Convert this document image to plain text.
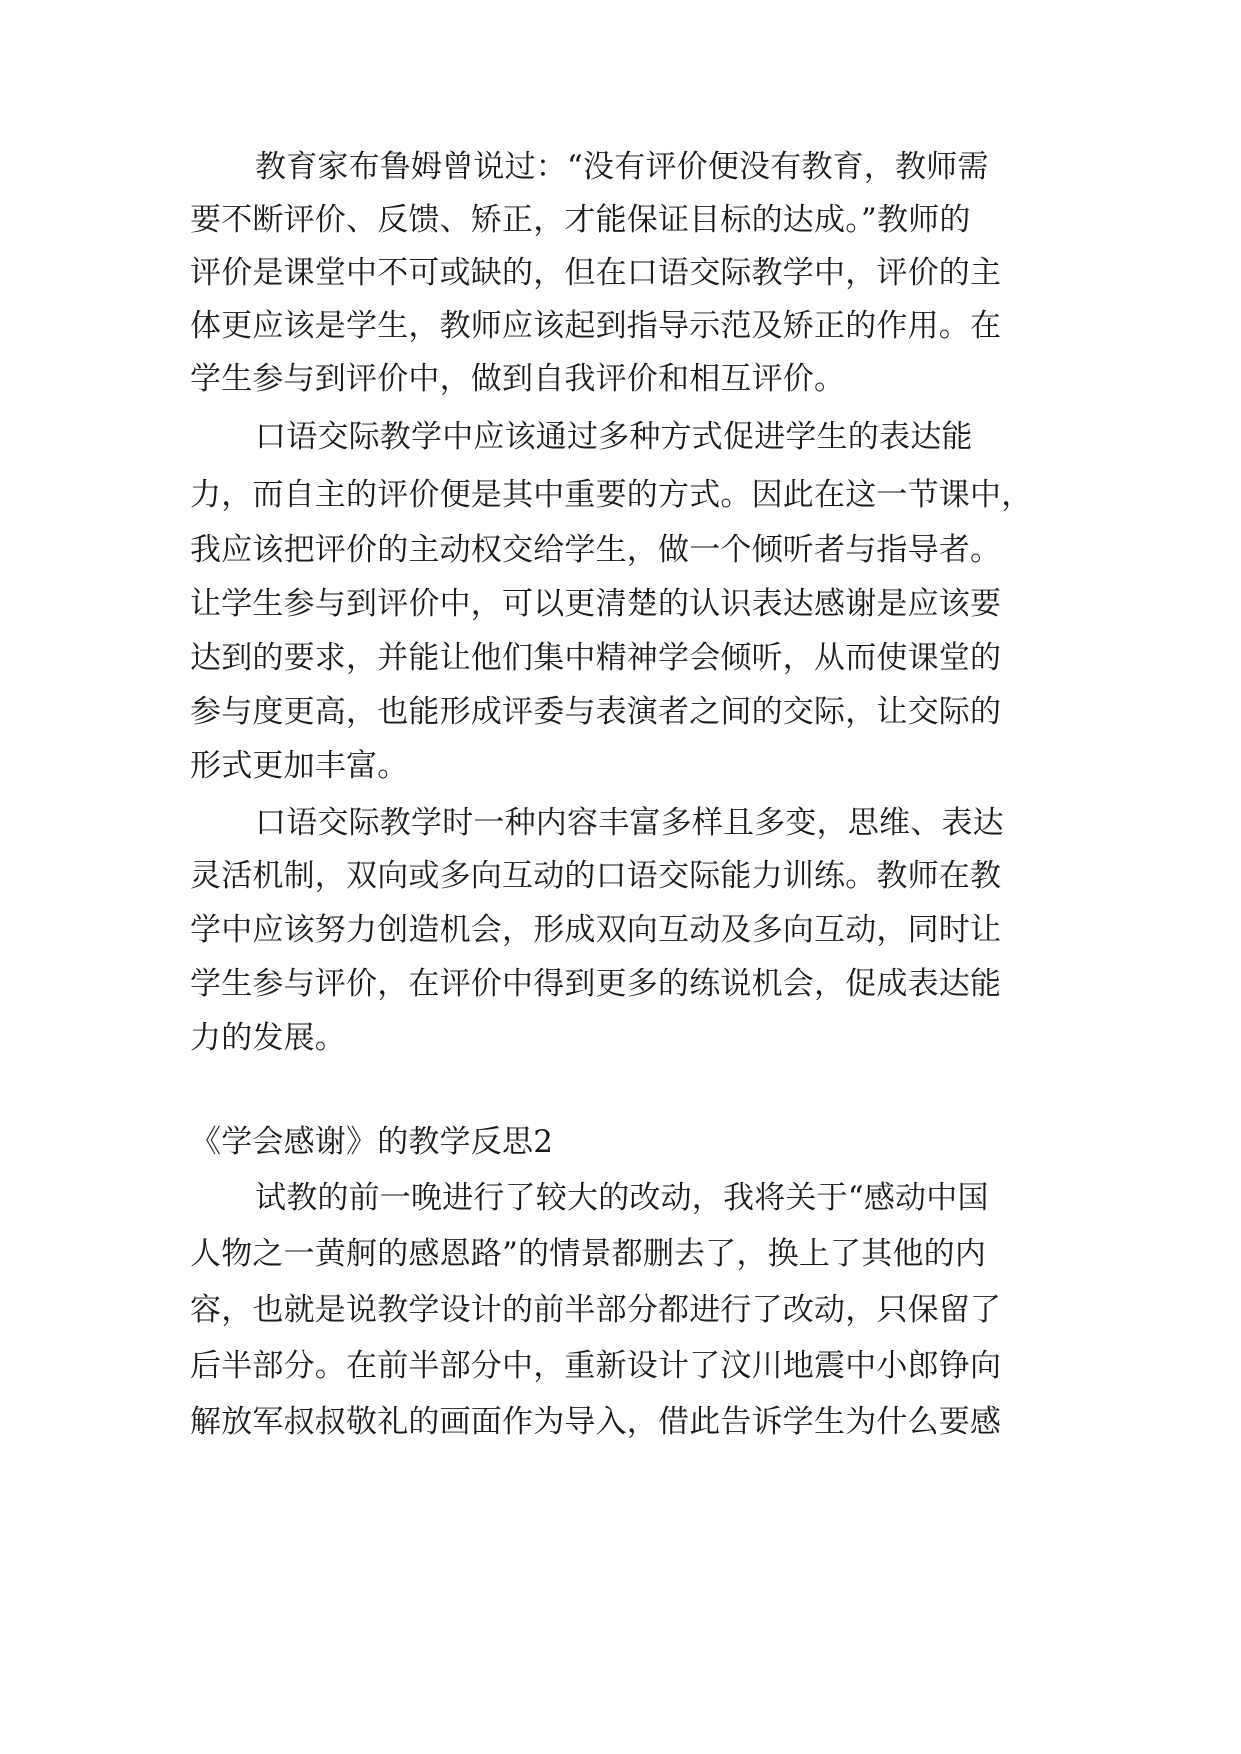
教育家布鲁姆曾说过：“没有评价便没有教育，教师需
要不断评价、反馈、矫正，才能保证目标的达成。”教师的
评价是课堂中不可或缺的，但在口语交际教学中，评价的主
体更应该是学生，教师应该起到指导示范及矫正的作用。在
学生参与到评价中，做到自我评价和相互评价。
口语交际教学中应该通过多种方式促进学生的表达能
力，而自主的评价便是其中重要的方式。因此在这一节课中，
我应该把评价的主动权交给学生，做一个倾听者与指导者。
让学生参与到评价中，可以更清楚的认识表达感谢是应该要
达到的要求，并能让他们集中精神学会倾听，从而使课堂的
参与度更高，也能形成评委与表演者之间的交际，让交际的
形式更加丰富。
口语交际教学时一种内容丰富多样且多变，思维、表达
灵活机制，双向或多向互动的口语交际能力训练。教师在教
学中应该努力创造机会，形成双向互动及多向互动，同时让
学生参与评价，在评价中得到更多的练说机会，促成表达能
力的发展。
《学会感谢》的教学反思2
试教的前一晚进行了较大的改动，我将关于“感动中国
人物之一黄舸的感恩路”的情景都删去了，换上了其他的内
容，也就是说教学设计的前半部分都进行了改动，只保留了
后半部分。在前半部分中，重新设计了汶川地震中小郎铮向
解放军叔叔敬礼的画面作为导入，借此告诉学生为什么要感
